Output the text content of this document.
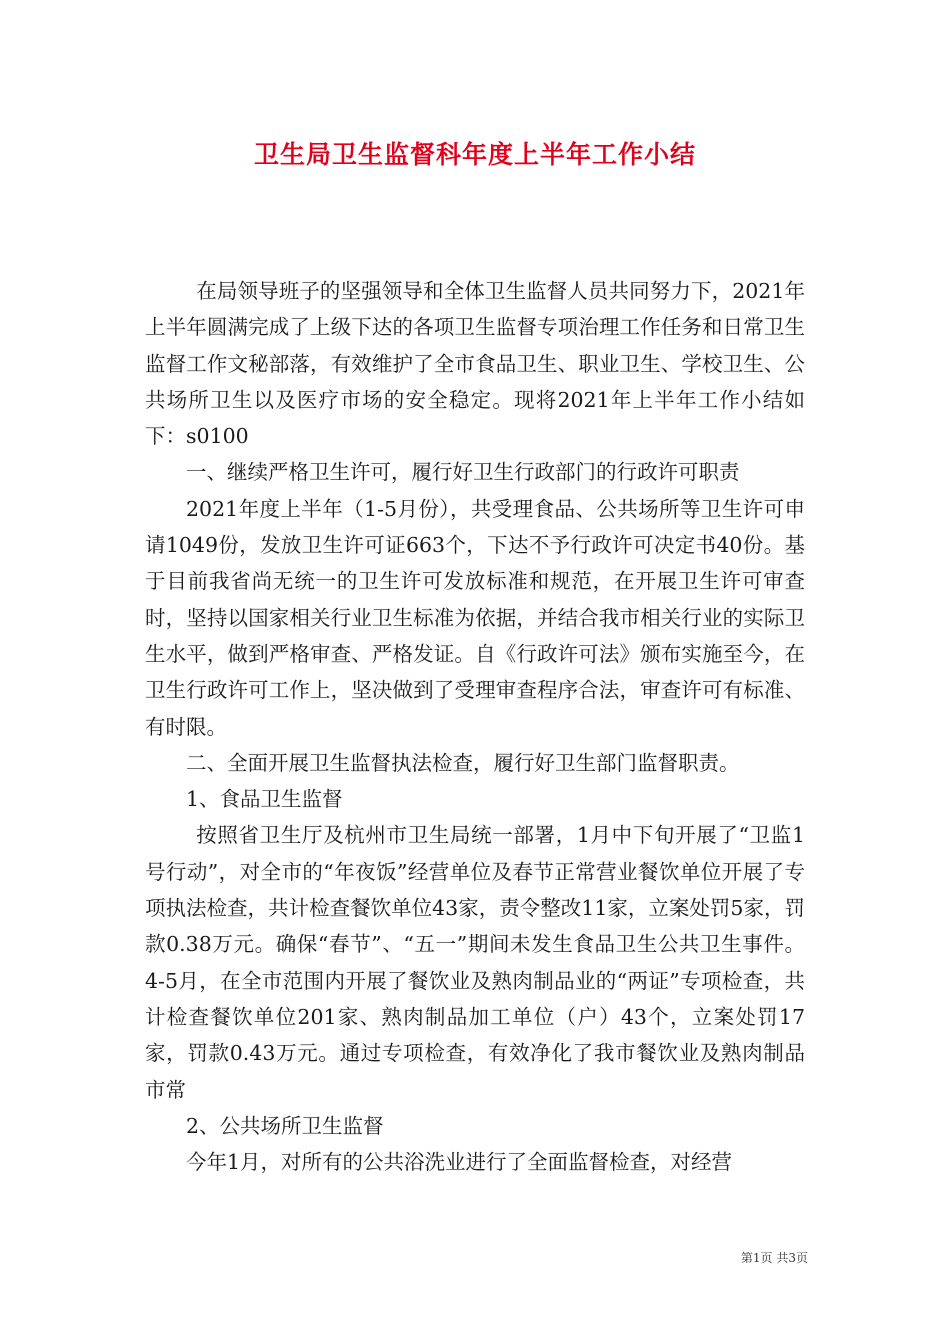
卫生局卫生监督科年度上半年工作小结

在局领导班子的坚强领导和全体卫生监督人员共同努力下，2021年上半年圆满完成了上级下达的各项卫生监督专项治理工作任务和日常卫生监督工作文秘部落，有效维护了全市食品卫生、职业卫生、学校卫生、公共场所卫生以及医疗市场的安全稳定。现将2021年上半年工作小结如下：s0100

一、继续严格卫生许可，履行好卫生行政部门的行政许可职责

2021年度上半年（1-5月份），共受理食品、公共场所等卫生许可申请1049份，发放卫生许可证663个，下达不予行政许可决定书40份。基于目前我省尚无统一的卫生许可发放标准和规范，在开展卫生许可审查时，坚持以国家相关行业卫生标准为依据，并结合我市相关行业的实际卫生水平，做到严格审查、严格发证。自《行政许可法》颁布实施至今，在卫生行政许可工作上，坚决做到了受理审查程序合法，审查许可有标准、有时限。

二、全面开展卫生监督执法检查，履行好卫生部门监督职责。

1、食品卫生监督

按照省卫生厅及杭州市卫生局统一部署，1月中下旬开展了“卫监1号行动”，对全市的“年夜饭”经营单位及春节正常营业餐饮单位开展了专项执法检查，共计检查餐饮单位43家，责令整改11家，立案处罚5家，罚款0.38万元。确保“春节”、“五一”期间未发生食品卫生公共卫生事件。4-5月，在全市范围内开展了餐饮业及熟肉制品业的“两证”专项检查，共计检查餐饮单位201家、熟肉制品加工单位（户）43个，立案处罚17家，罚款0.43万元。通过专项检查，有效净化了我市餐饮业及熟肉制品市常

2、公共场所卫生监督

今年1月，对所有的公共浴洗业进行了全面监督检查，对经营

第1页 共3页
